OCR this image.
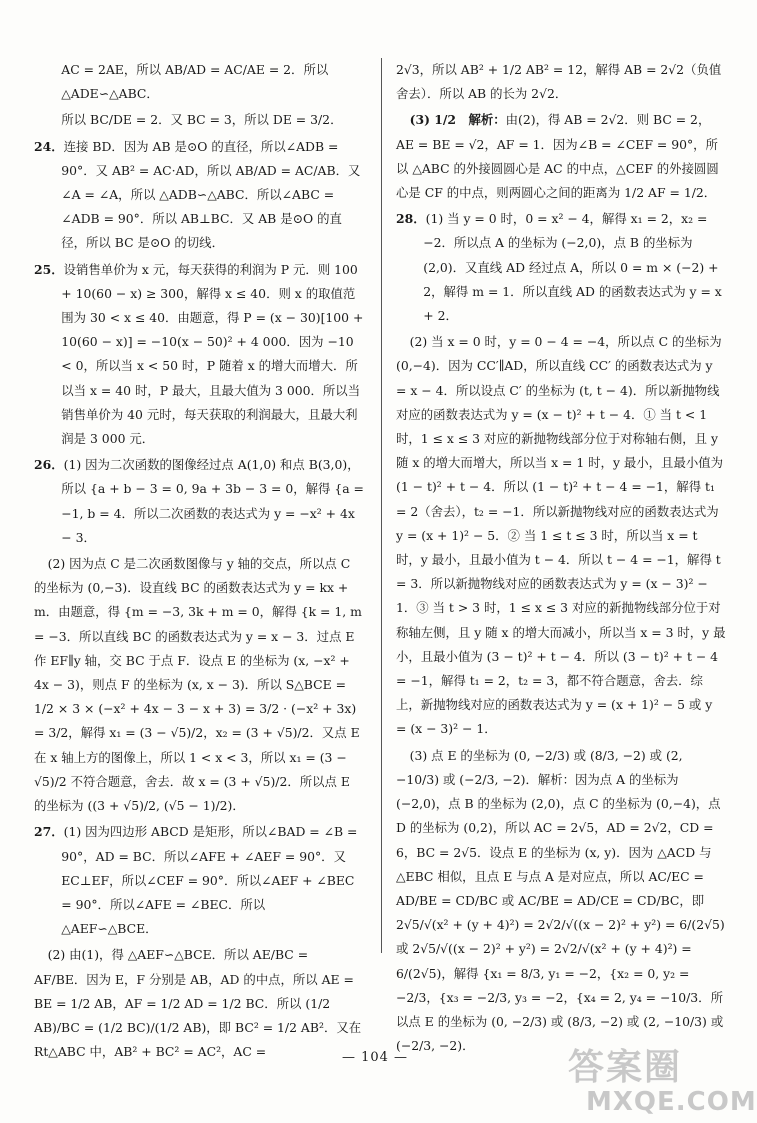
AC = 2AE，所以 AB/AD = AC/AE = 2．所以 △ADE∽△ABC．

所以 BC/DE = 2．又 BC = 3，所以 DE = 3/2．

24．连接 BD．因为 AB 是⊙O 的直径，所以∠ADB = 90°．又 AB² = AC·AD，所以 AB/AD = AC/AB．又∠A = ∠A，所以 △ADB∽△ABC．所以∠ABC = ∠ADB = 90°．所以 AB⊥BC．又 AB 是⊙O 的直径，所以 BC 是⊙O 的切线．

25．设销售单价为 x 元，每天获得的利润为 P 元．则 100 + 10(60 − x) ≥ 300，解得 x ≤ 40．则 x 的取值范围为 30 < x ≤ 40．由题意，得 P = (x − 30)[100 + 10(60 − x)] = −10(x − 50)² + 4 000．因为 −10 < 0，所以当 x < 50 时，P 随着 x 的增大而增大．所以当 x = 40 时，P 最大，且最大值为 3 000．所以当销售单价为 40 元时，每天获取的利润最大，且最大利润是 3 000 元．

26．(1) 因为二次函数的图像经过点 A(1,0) 和点 B(3,0)，所以 {a + b − 3 = 0, 9a + 3b − 3 = 0，解得 {a = −1, b = 4．所以二次函数的表达式为 y = −x² + 4x − 3．

(2) 因为点 C 是二次函数图像与 y 轴的交点，所以点 C 的坐标为 (0,−3)．设直线 BC 的函数表达式为 y = kx + m．由题意，得 {m = −3, 3k + m = 0，解得 {k = 1, m = −3．所以直线 BC 的函数表达式为 y = x − 3．过点 E 作 EF∥y 轴，交 BC 于点 F．设点 E 的坐标为 (x, −x² + 4x − 3)，则点 F 的坐标为 (x, x − 3)．所以 S△BCE = 1/2 × 3 × (−x² + 4x − 3 − x + 3) = 3/2 · (−x² + 3x) = 3/2，解得 x₁ = (3 − √5)/2，x₂ = (3 + √5)/2．又点 E 在 x 轴上方的图像上，所以 1 < x < 3，所以 x₁ = (3 − √5)/2 不符合题意，舍去．故 x = (3 + √5)/2．所以点 E 的坐标为 ((3 + √5)/2, (√5 − 1)/2)．

27．(1) 因为四边形 ABCD 是矩形，所以∠BAD = ∠B = 90°，AD = BC．所以∠AFE + ∠AEF = 90°．又 EC⊥EF，所以∠CEF = 90°．所以∠AEF + ∠BEC = 90°．所以∠AFE = ∠BEC．所以 △AEF∽△BCE．

(2) 由(1)，得 △AEF∽△BCE．所以 AE/BC = AF/BE．因为 E，F 分别是 AB，AD 的中点，所以 AE = BE = 1/2 AB，AF = 1/2 AD = 1/2 BC．所以 (1/2 AB)/BC = (1/2 BC)/(1/2 AB)，即 BC² = 1/2 AB²．又在 Rt△ABC 中，AB² + BC² = AC²，AC =

2√3，所以 AB² + 1/2 AB² = 12，解得 AB = 2√2（负值舍去）．所以 AB 的长为 2√2．

(3) 1/2　解析：由(2)，得 AB = 2√2．则 BC = 2，AE = BE = √2，AF = 1．因为∠B = ∠CEF = 90°，所以 △ABC 的外接圆圆心是 AC 的中点，△CEF 的外接圆圆心是 CF 的中点，则两圆心之间的距离为 1/2 AF = 1/2．

28．(1) 当 y = 0 时，0 = x² − 4，解得 x₁ = 2，x₂ = −2．所以点 A 的坐标为 (−2,0)，点 B 的坐标为 (2,0)．又直线 AD 经过点 A，所以 0 = m × (−2) + 2，解得 m = 1．所以直线 AD 的函数表达式为 y = x + 2．

(2) 当 x = 0 时，y = 0 − 4 = −4，所以点 C 的坐标为 (0,−4)．因为 CC′∥AD，所以直线 CC′ 的函数表达式为 y = x − 4．所以设点 C′ 的坐标为 (t, t − 4)．所以新抛物线对应的函数表达式为 y = (x − t)² + t − 4．① 当 t < 1 时，1 ≤ x ≤ 3 对应的新抛物线部分位于对称轴右侧，且 y 随 x 的增大而增大，所以当 x = 1 时，y 最小，且最小值为 (1 − t)² + t − 4．所以 (1 − t)² + t − 4 = −1，解得 t₁ = 2（舍去），t₂ = −1．所以新抛物线对应的函数表达式为 y = (x + 1)² − 5．② 当 1 ≤ t ≤ 3 时，所以当 x = t 时，y 最小，且最小值为 t − 4．所以 t − 4 = −1，解得 t = 3．所以新抛物线对应的函数表达式为 y = (x − 3)² − 1．③ 当 t > 3 时，1 ≤ x ≤ 3 对应的新抛物线部分位于对称轴左侧，且 y 随 x 的增大而减小，所以当 x = 3 时，y 最小，且最小值为 (3 − t)² + t − 4．所以 (3 − t)² + t − 4 = −1，解得 t₁ = 2，t₂ = 3，都不符合题意，舍去．综上，新抛物线对应的函数表达式为 y = (x + 1)² − 5 或 y = (x − 3)² − 1．

(3) 点 E 的坐标为 (0, −2/3) 或 (8/3, −2) 或 (2, −10/3) 或 (−2/3, −2)．解析：因为点 A 的坐标为 (−2,0)，点 B 的坐标为 (2,0)，点 C 的坐标为 (0,−4)，点 D 的坐标为 (0,2)，所以 AC = 2√5，AD = 2√2，CD = 6，BC = 2√5．设点 E 的坐标为 (x, y)．因为 △ACD 与 △EBC 相似，且点 E 与点 A 是对应点，所以 AC/EC = AD/BE = CD/BC 或 AC/BE = AD/CE = CD/BC，即 2√5/√(x² + (y + 4)²) = 2√2/√((x − 2)² + y²) = 6/(2√5) 或 2√5/√((x − 2)² + y²) = 2√2/√(x² + (y + 4)²) = 6/(2√5)，解得 {x₁ = 8/3, y₁ = −2，{x₂ = 0, y₂ = −2/3，{x₃ = −2/3, y₃ = −2，{x₄ = 2, y₄ = −10/3．所以点 E 的坐标为 (0, −2/3) 或 (8/3, −2) 或 (2, −10/3) 或 (−2/3, −2)．

— 104 —	答案圈
MXQE.COM
